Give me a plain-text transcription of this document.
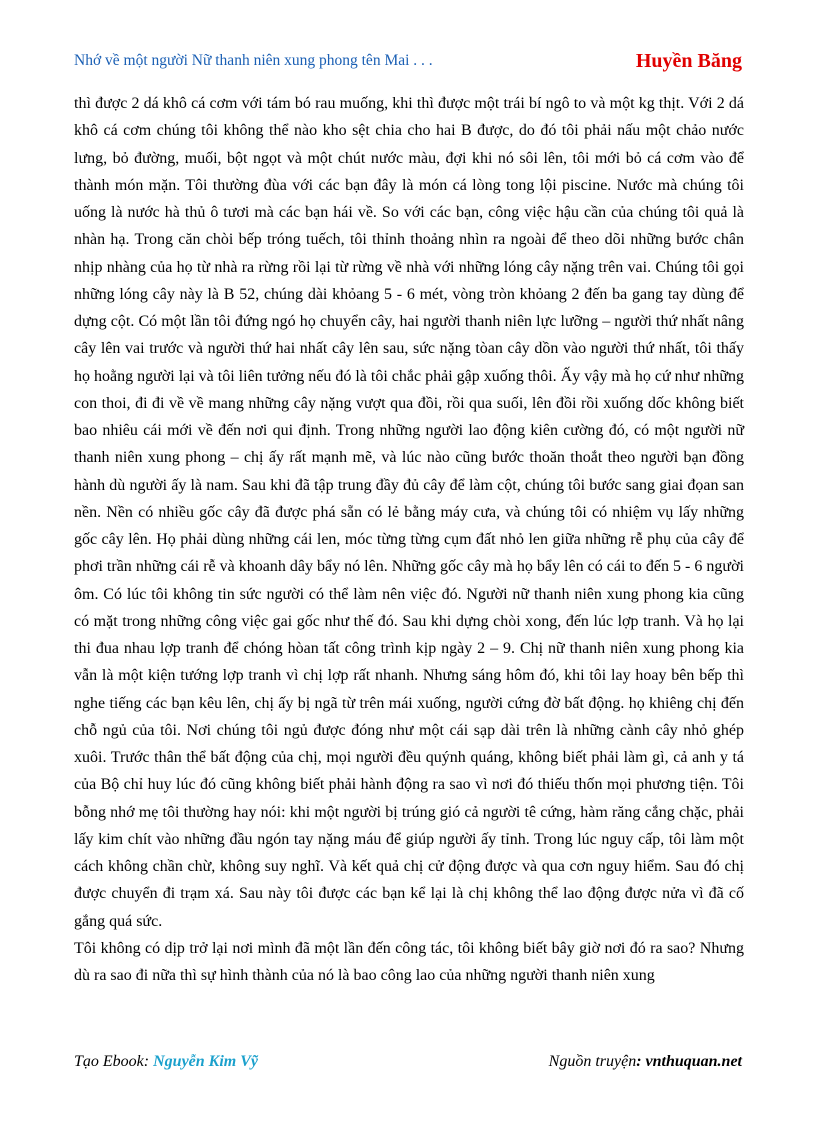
Nhớ về một người Nữ thanh niên xung phong tên Mai . . .	Huyền Băng

thì được 2 dá khô cá cơm với tám bó rau muống, khi thì được một trái bí ngô to và một kg thịt. Với 2 dá khô cá cơm chúng tôi không thể nào kho sệt chia cho hai B được, do đó tôi phải nấu một chảo nước lưng, bỏ đường, muối, bột ngọt và một chút nước màu, đợi khi nó sôi lên, tôi mới bỏ cá cơm vào để thành món mặn. Tôi thường đùa với các bạn đây là món cá lòng tong lội piscine. Nước mà chúng tôi uống là nước hà thủ ô tươi mà các bạn hái về. So với các bạn, công việc hậu cần của chúng tôi quả là nhàn hạ. Trong căn chòi bếp tróng tuếch, tôi thỉnh thoảng nhìn ra ngoài để theo dõi những bước chân nhịp nhàng của họ từ nhà ra rừng rồi lại từ rừng về nhà với những lóng cây nặng trên vai. Chúng tôi gọi những lóng cây này là B 52, chúng dài khỏang 5 - 6 mét, vòng tròn khỏang 2 đến ba gang tay dùng để dựng cột. Có một lần tôi đứng ngó họ chuyển cây, hai người thanh niên lực lưỡng – người thứ nhất nâng cây lên vai trước và người thứ hai nhất cây lên sau, sức nặng tòan cây dồn vào người thứ nhất, tôi thấy họ hoằng người lại và tôi liên tưởng nếu đó là tôi chắc phải gập xuống thôi. Ấy vậy mà họ cứ như những con thoi, đi đi về về mang những cây nặng vượt qua đồi, rồi qua suối, lên đồi rồi xuống dốc không biết bao nhiêu cái mới về đến nơi qui định. Trong những người lao động kiên cường đó, có một người nữ thanh niên xung phong – chị ấy rất mạnh mẽ, và lúc nào cũng bước thoăn thoắt theo người bạn đồng hành dù người ấy là nam. Sau khi đã tập trung đầy đủ cây để làm cột, chúng tôi bước sang giai đọan san nền. Nền có nhiều gốc cây đã được phá sẵn có lẻ bằng máy cưa, và chúng tôi có nhiệm vụ lấy những gốc cây lên. Họ phải dùng những cái len, móc từng từng cụm đất nhỏ len giữa những rễ phụ của cây để phơi trần những cái rễ và khoanh dây bẩy nó lên. Những gốc cây mà họ bẩy lên có cái to đến 5 - 6 người ôm. Có lúc tôi không tin sức người có thể làm nên việc đó. Người nữ thanh niên xung phong kia cũng có mặt trong những công việc gai gốc như thế đó. Sau khi dựng chòi xong, đến lúc lợp tranh. Và họ lại thi đua nhau lợp tranh để chóng hòan tất công trình kịp ngày 2 – 9. Chị nữ thanh niên xung phong kia vẫn là một kiện tướng lợp tranh vì chị lợp rất nhanh. Nhưng sáng hôm đó, khi tôi lay hoay bên bếp thì nghe tiếng các bạn kêu lên, chị ấy bị ngã từ trên mái xuống, người cứng đờ bất động. họ khiêng chị đến chỗ ngủ của tôi. Nơi chúng tôi ngủ được đóng như một cái sạp dài trên là những cành cây nhỏ ghép xuôi. Trước thân thể bất động của chị, mọi người đều quýnh quáng, không biết phải làm gì, cả anh y tá của Bộ chỉ huy lúc đó cũng không biết phải hành động ra sao vì nơi đó thiếu thốn mọi phương tiện. Tôi bỗng nhớ mẹ tôi thường hay nói: khi một người bị trúng gió cả người tê cứng, hàm răng cắng chặc, phải lấy kim chít vào những đầu ngón tay nặng máu để giúp người ấy tỉnh. Trong lúc nguy cấp, tôi làm một cách không chần chừ, không suy nghĩ. Và kết quả chị cử động được và qua cơn nguy hiểm. Sau đó chị được chuyển đi trạm xá. Sau này tôi được các bạn kể lại là chị không thể lao động được nửa vì đã cố gắng quá sức.

Tôi không có dịp trở lại nơi mình đã một lần đến công tác, tôi không biết bây giờ nơi đó ra sao? Nhưng dù ra sao đi nữa thì sự hình thành của nó là bao công lao của những người thanh niên xung

Tạo Ebook: Nguyễn Kim Vỹ	Nguồn truyện: vnthuquan.net
